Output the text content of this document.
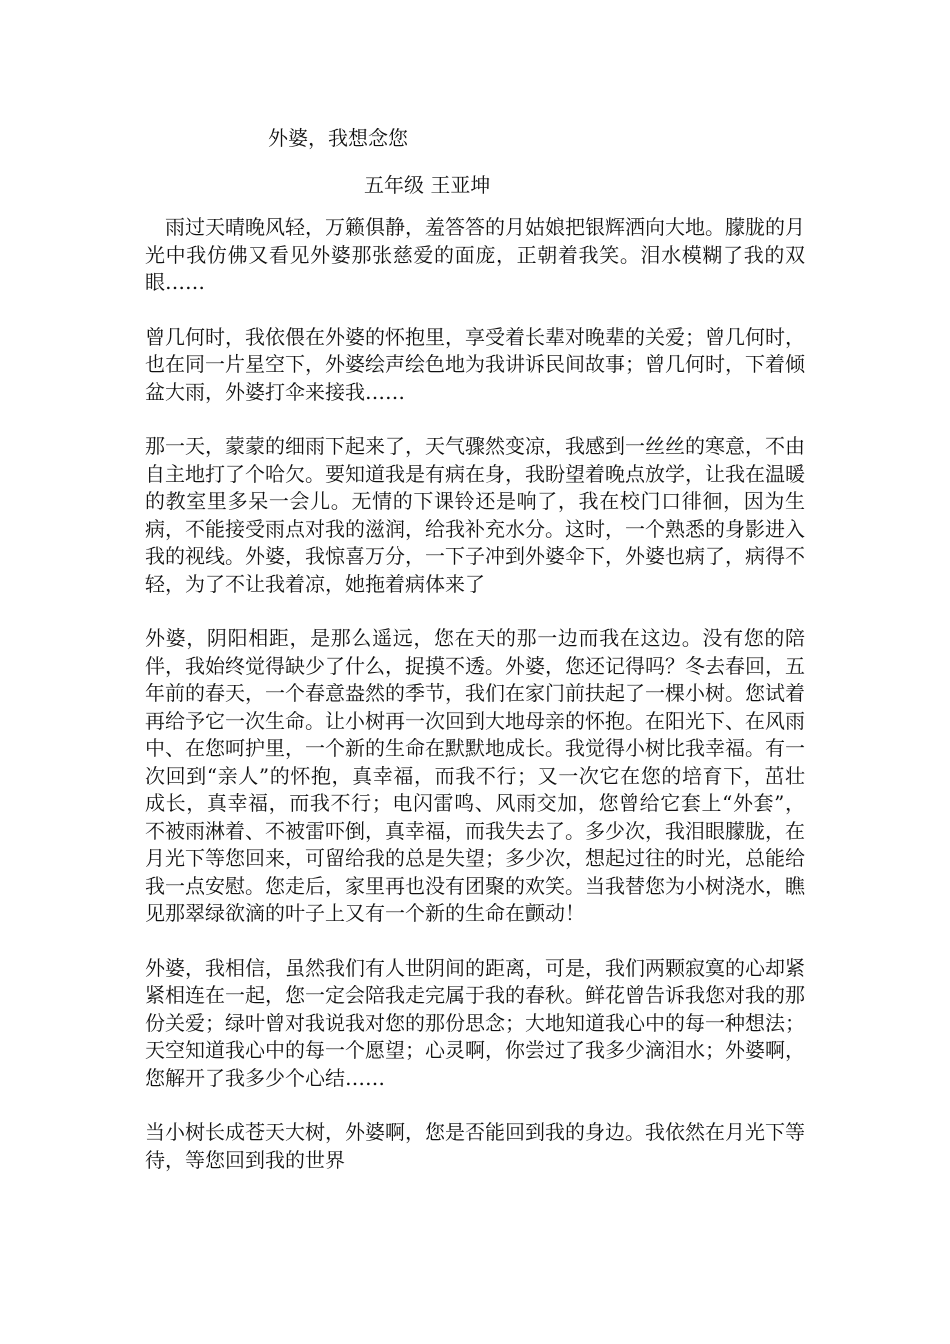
外婆，我想念您
五年级 王亚坤

雨过天晴晚风轻，万籁俱静，羞答答的月姑娘把银辉洒向大地。朦胧的月光中我仿佛又看见外婆那张慈爱的面庞，正朝着我笑。泪水模糊了我的双眼……

曾几何时，我依偎在外婆的怀抱里，享受着长辈对晚辈的关爱；曾几何时，也在同一片星空下，外婆绘声绘色地为我讲诉民间故事；曾几何时，下着倾盆大雨，外婆打伞来接我……

那一天，蒙蒙的细雨下起来了，天气骤然变凉，我感到一丝丝的寒意，不由自主地打了个哈欠。要知道我是有病在身，我盼望着晚点放学，让我在温暖的教室里多呆一会儿。无情的下课铃还是响了，我在校门口徘徊，因为生病，不能接受雨点对我的滋润，给我补充水分。这时，一个熟悉的身影进入我的视线。外婆，我惊喜万分，一下子冲到外婆伞下，外婆也病了，病得不轻，为了不让我着凉，她拖着病体来了

外婆，阴阳相距，是那么遥远，您在天的那一边而我在这边。没有您的陪伴，我始终觉得缺少了什么，捉摸不透。外婆，您还记得吗？冬去春回，五年前的春天，一个春意盎然的季节，我们在家门前扶起了一棵小树。您试着再给予它一次生命。让小树再一次回到大地母亲的怀抱。在阳光下、在风雨中、在您呵护里，一个新的生命在默默地成长。我觉得小树比我幸福。有一次回到“亲人”的怀抱，真幸福，而我不行；又一次它在您的培育下，茁壮成长，真幸福，而我不行；电闪雷鸣、风雨交加，您曾给它套上“外套”，不被雨淋着、不被雷吓倒，真幸福，而我失去了。多少次，我泪眼朦胧，在月光下等您回来，可留给我的总是失望；多少次，想起过往的时光，总能给我一点安慰。您走后，家里再也没有团聚的欢笑。当我替您为小树浇水，瞧见那翠绿欲滴的叶子上又有一个新的生命在颤动！

外婆，我相信，虽然我们有人世阴间的距离，可是，我们两颗寂寞的心却紧紧相连在一起，您一定会陪我走完属于我的春秋。鲜花曾告诉我您对我的那份关爱；绿叶曾对我说我对您的那份思念；大地知道我心中的每一种想法；天空知道我心中的每一个愿望；心灵啊，你尝过了我多少滴泪水；外婆啊，您解开了我多少个心结……

当小树长成苍天大树，外婆啊，您是否能回到我的身边。我依然在月光下等待，等您回到我的世界
